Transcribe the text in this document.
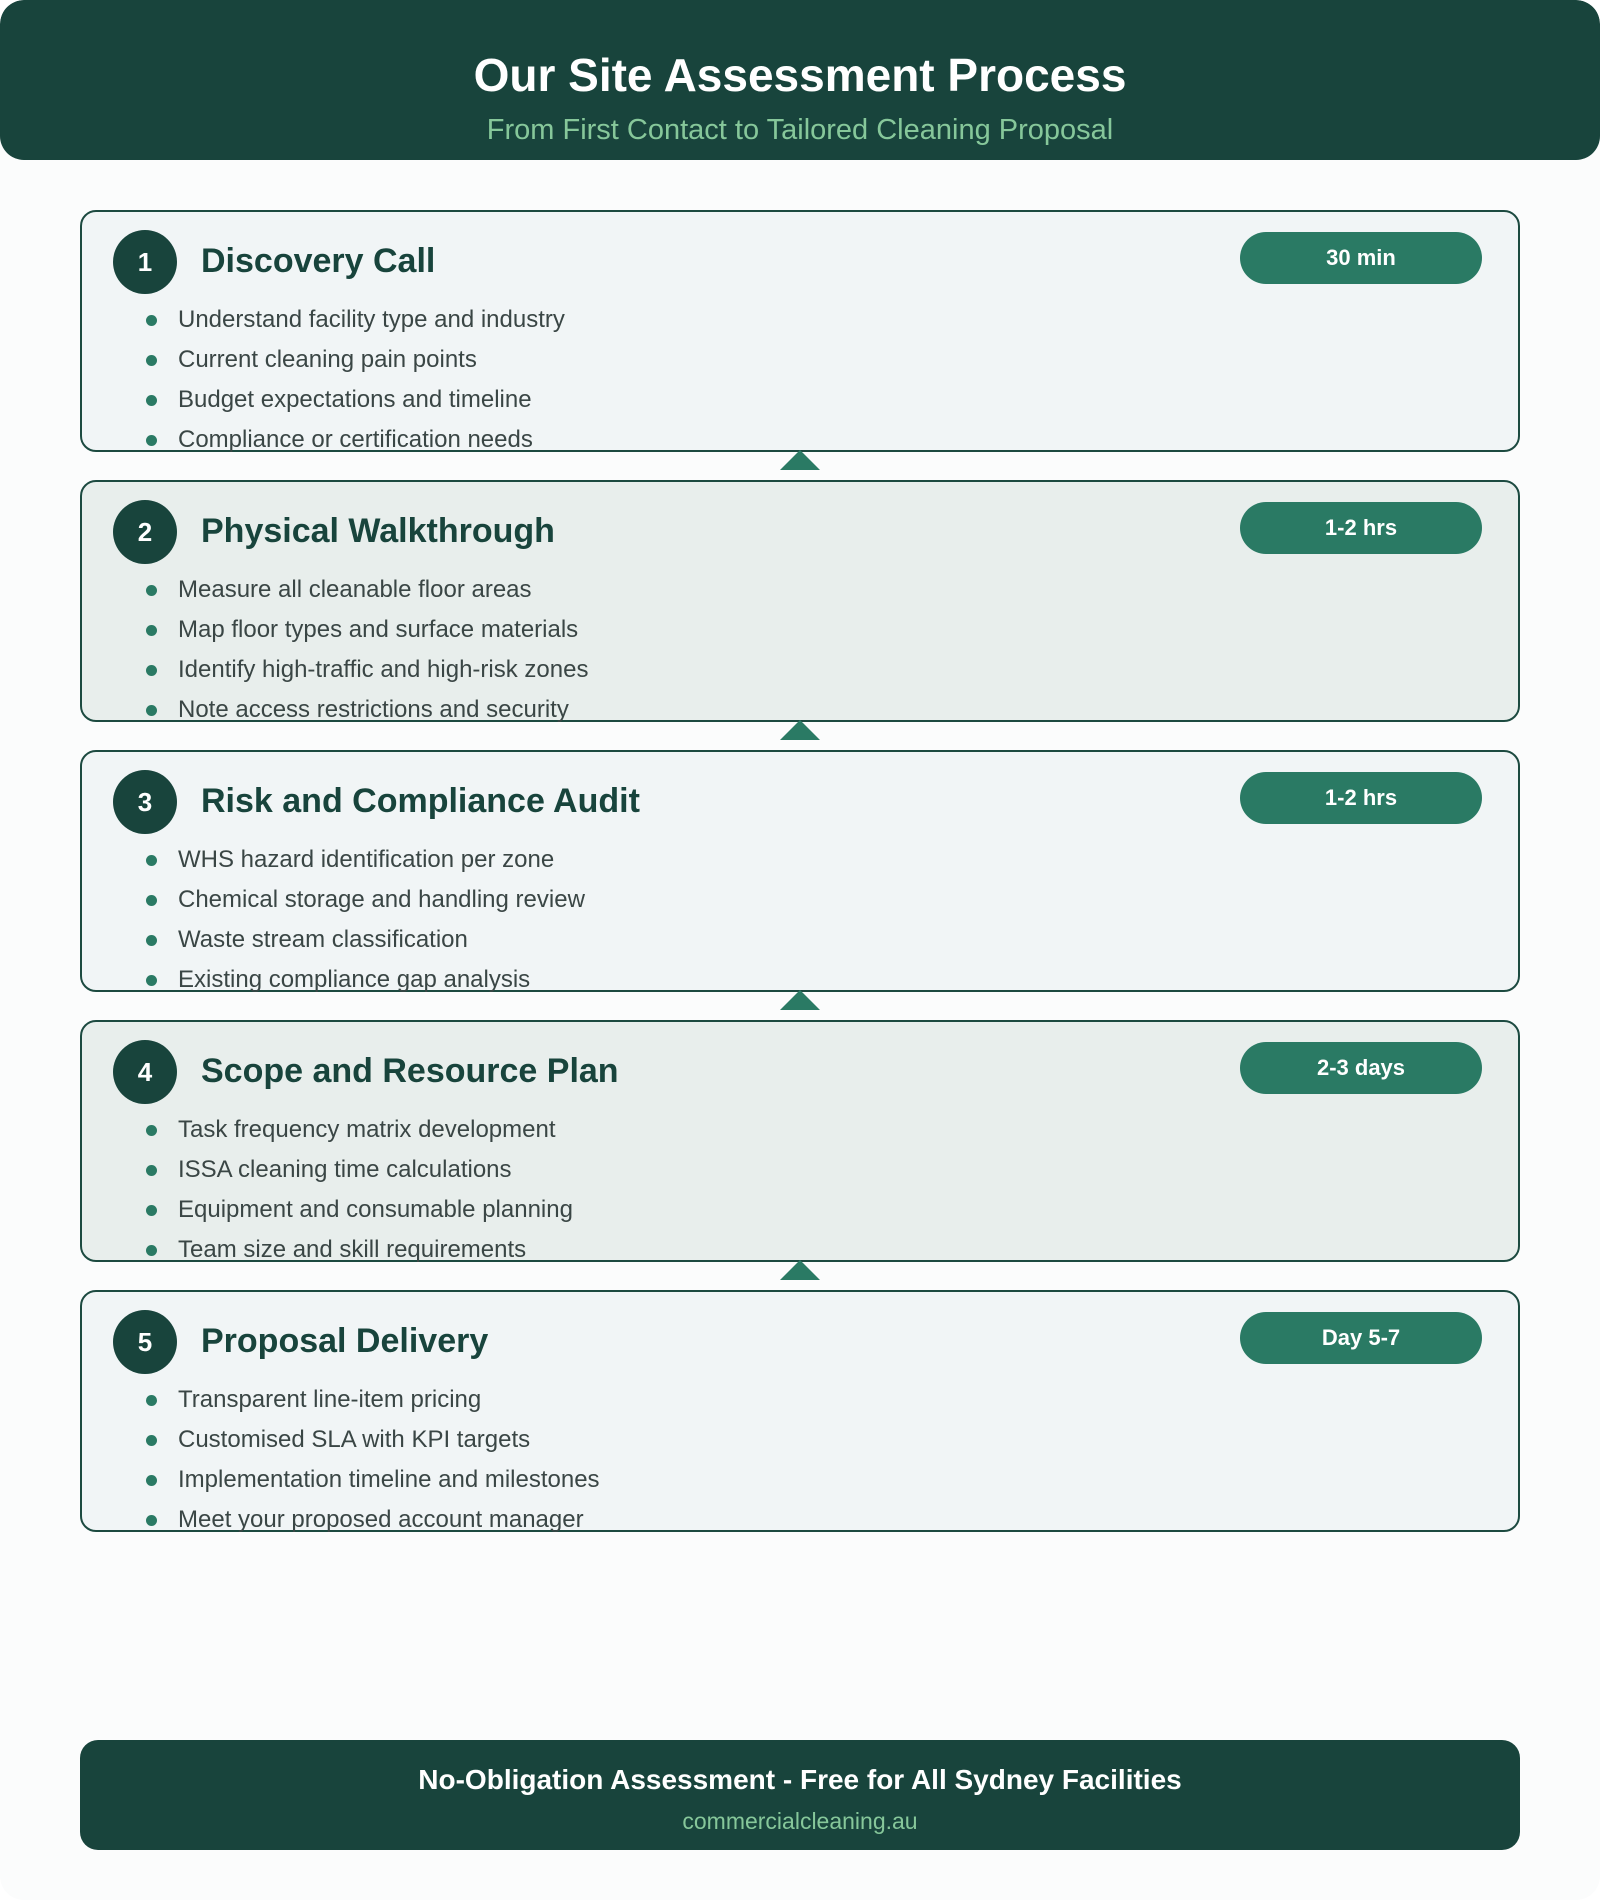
Our Site Assessment Process
From First Contact to Tailored Cleaning Proposal
1	Discovery Call	30 min
Understand facility type and industry
Current cleaning pain points
Budget expectations and timeline
Compliance or certification needs
2	Physical Walkthrough	1-2 hrs
Measure all cleanable floor areas
Map floor types and surface materials
Identify high-traffic and high-risk zones
Note access restrictions and security
3	Risk and Compliance Audit	1-2 hrs
WHS hazard identification per zone
Chemical storage and handling review
Waste stream classification
Existing compliance gap analysis
4	Scope and Resource Plan	2-3 days
Task frequency matrix development
ISSA cleaning time calculations
Equipment and consumable planning
Team size and skill requirements
5	Proposal Delivery	Day 5-7
Transparent line-item pricing
Customised SLA with KPI targets
Implementation timeline and milestones
Meet your proposed account manager
No-Obligation Assessment - Free for All Sydney Facilities
commercialcleaning.au
